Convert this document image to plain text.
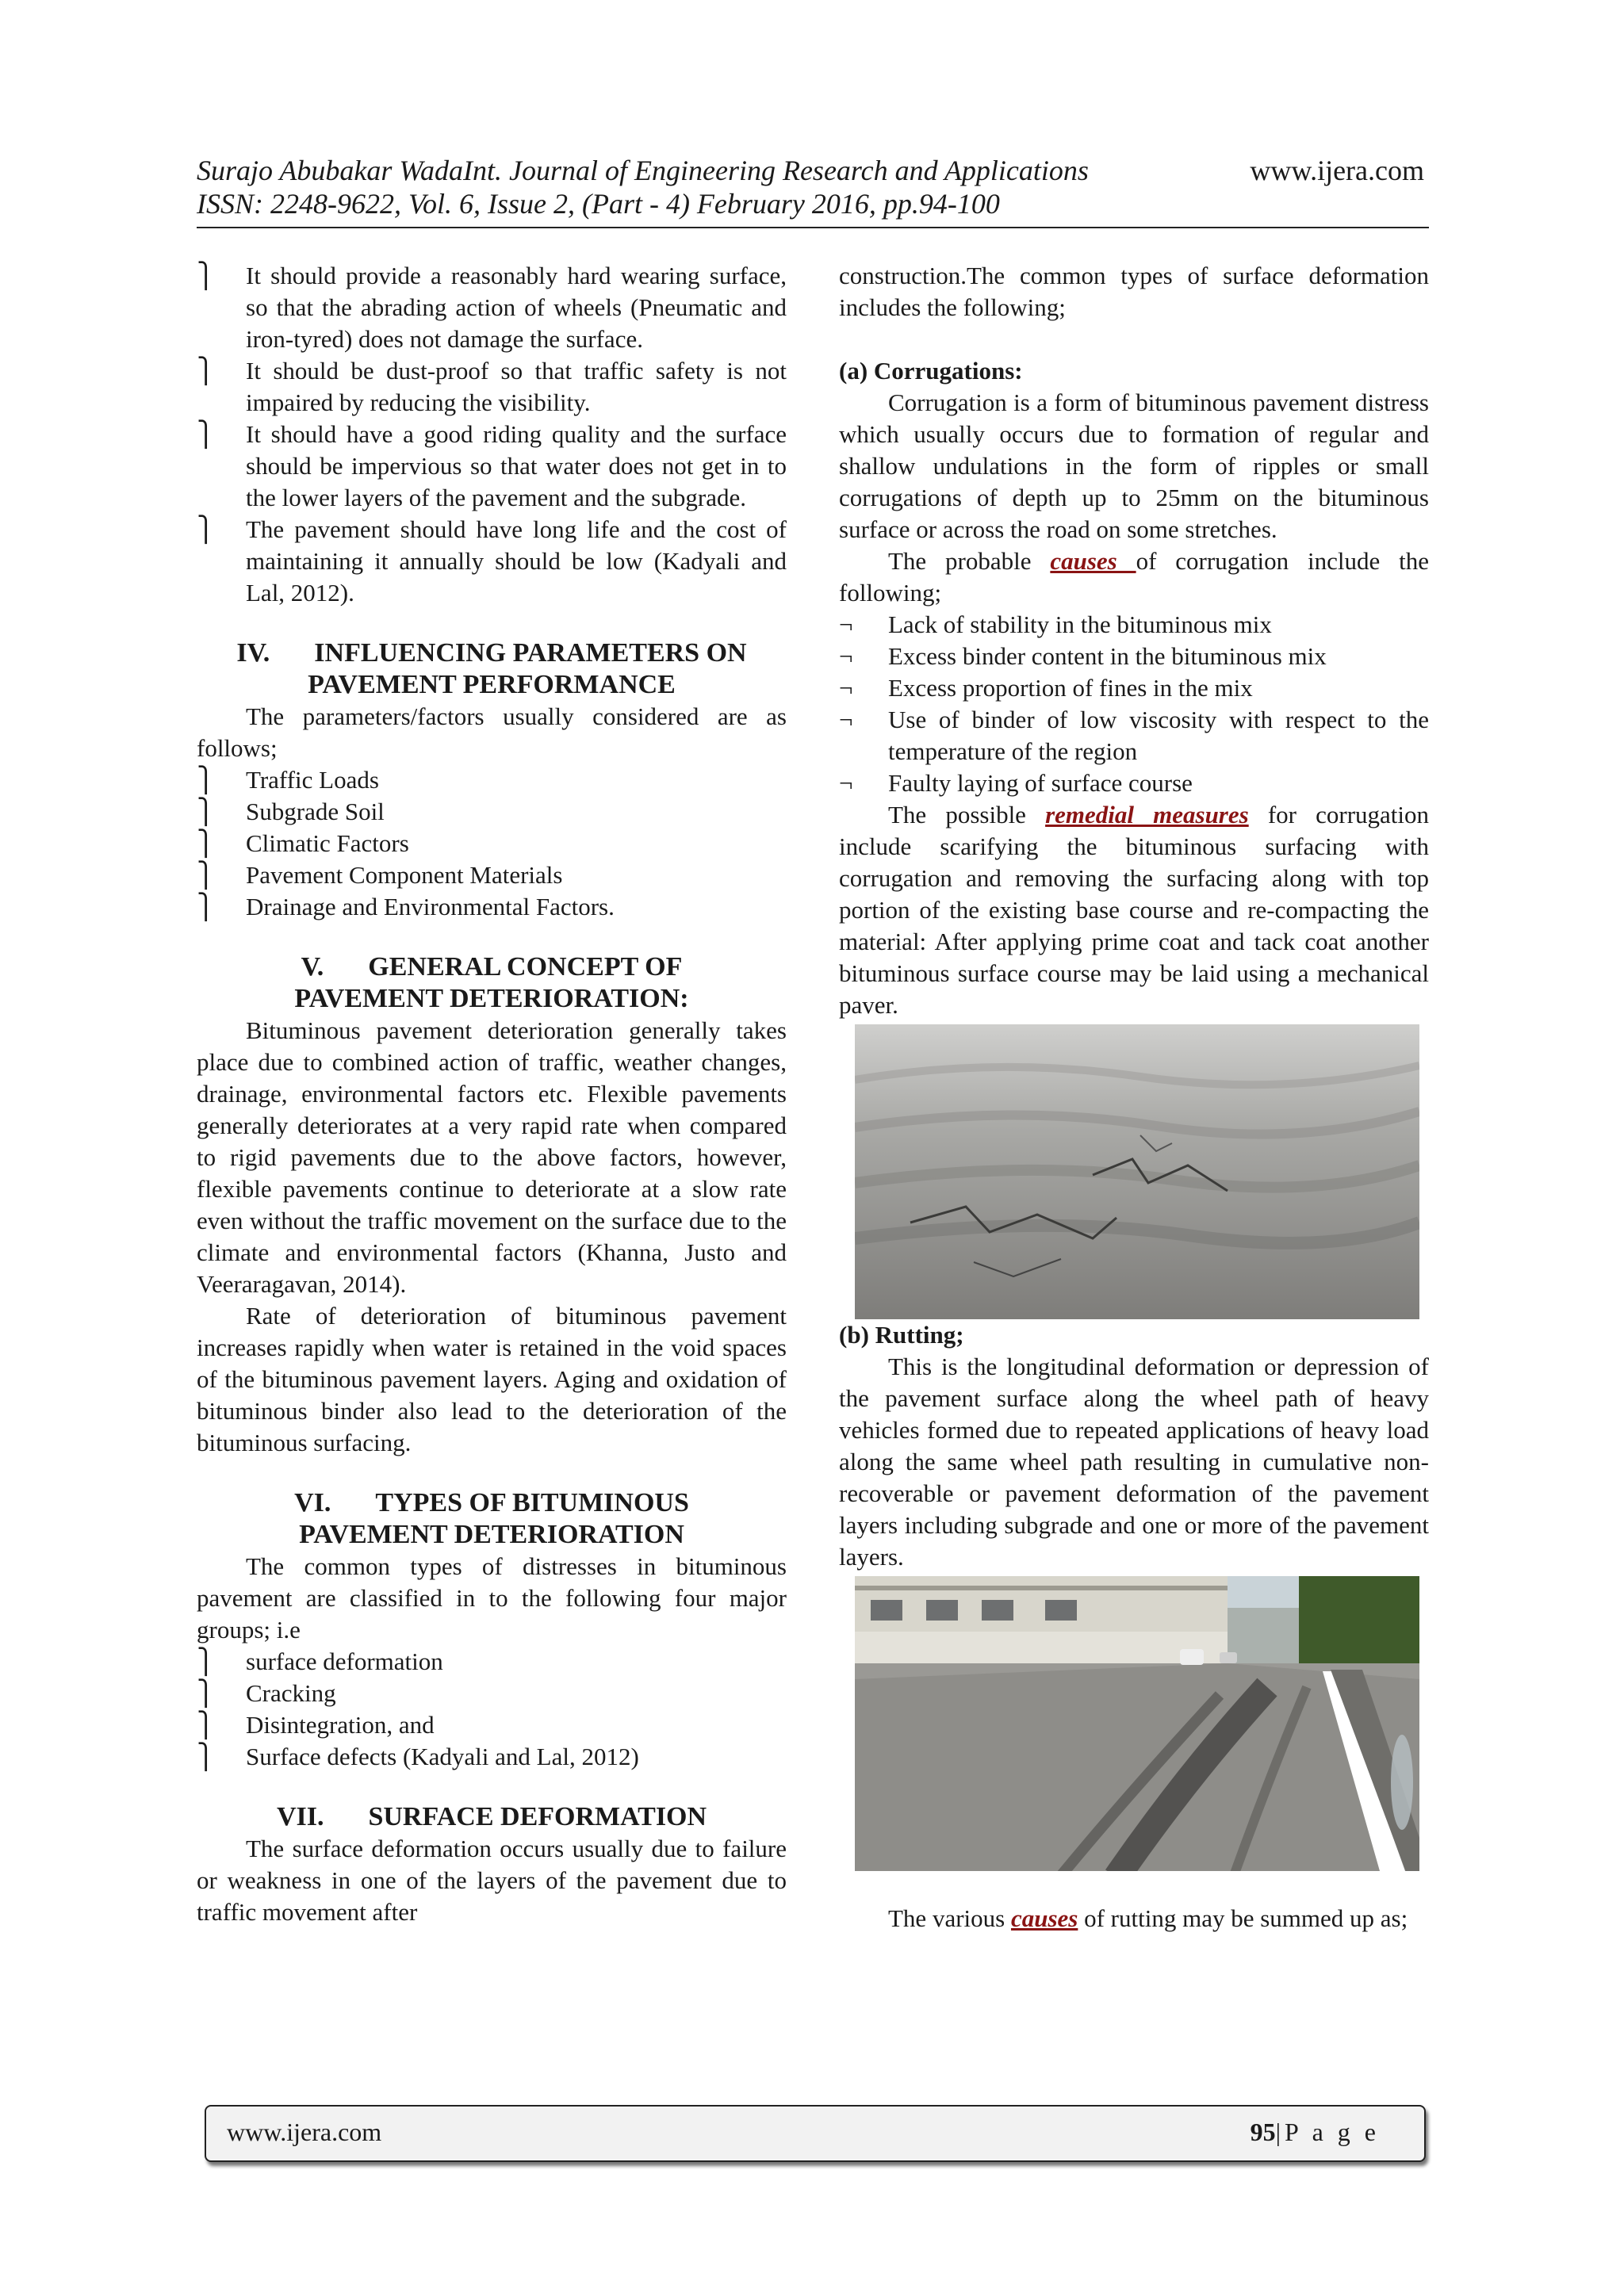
Surajo Abubakar WadaInt. Journal of Engineering Research and Applications
ISSN: 2248-9622, Vol. 6, Issue 2, (Part - 4) February 2016, pp.94-100
www.ijera.com
⎫ It should provide a reasonably hard wearing surface, so that the abrading action of wheels (Pneumatic and iron-tyred) does not damage the surface.
⎫ It should be dust-proof so that traffic safety is not impaired by reducing the visibility.
⎫ It should have a good riding quality and the surface should be impervious so that water does not get in to the lower layers of the pavement and the subgrade.
⎫ The pavement should have long life and the cost of maintaining it annually should be low (Kadyali and Lal, 2012).
IV. INFLUENCING PARAMETERS ON
PAVEMENT PERFORMANCE

The parameters/factors usually considered are as follows;

⎫ Traffic Loads
⎫ Subgrade Soil
⎫ Climatic Factors
⎫ Pavement Component Materials
⎫ Drainage and Environmental Factors.
V. GENERAL CONCEPT OF
PAVEMENT DETERIORATION:

Bituminous pavement deterioration generally takes place due to combined action of traffic, weather changes, drainage, environmental factors etc. Flexible pavements generally deteriorates at a very rapid rate when compared to rigid pavements due to the above factors, however, flexible pavements continue to deteriorate at a slow rate even without the traffic movement on the surface due to the climate and environmental factors (Khanna, Justo and Veeraragavan, 2014).

Rate of deterioration of bituminous pavement increases rapidly when water is retained in the void spaces of the bituminous pavement layers. Aging and oxidation of bituminous binder also lead to the deterioration of the bituminous surfacing.

VI. TYPES OF BITUMINOUS
PAVEMENT DETERIORATION

The common types of distresses in bituminous pavement are classified in to the following four major groups; i.e

⎫ surface deformation
⎫ Cracking
⎫ Disintegration, and
⎫ Surface defects (Kadyali and Lal, 2012)
VII. SURFACE DEFORMATION

The surface deformation occurs usually due to failure or weakness in one of the layers of the pavement due to traffic movement after

construction.The common types of surface deformation includes the following;

(a) Corrugations:

Corrugation is a form of bituminous pavement distress which usually occurs due to formation of regular and shallow undulations in the form of ripples or small corrugations of depth up to 25mm on the bituminous surface or across the road on some stretches.

The probable causes of corrugation include the following;

¬	Lack of stability in the bituminous mix
¬	Excess binder content in the bituminous mix
¬	Excess proportion of fines in the mix
¬	Use of binder of low viscosity with respect to the temperature of the region
¬	Faulty laying of surface course

The possible remedial measures for corrugation include scarifying the bituminous surfacing with corrugation and removing the surfacing along with top portion of the existing base course and re-compacting the material: After applying prime coat and tack coat another bituminous surface course may be laid using a mechanical paver.

(b) Rutting;

This is the longitudinal deformation or depression of the pavement surface along the wheel path of heavy vehicles formed due to repeated applications of heavy load along the same wheel path resulting in cumulative non-recoverable or pavement deformation of the pavement layers including subgrade and one or more of the pavement layers.

The various causes of rutting may be summed up as;

www.ijera.com	95|P a g e
